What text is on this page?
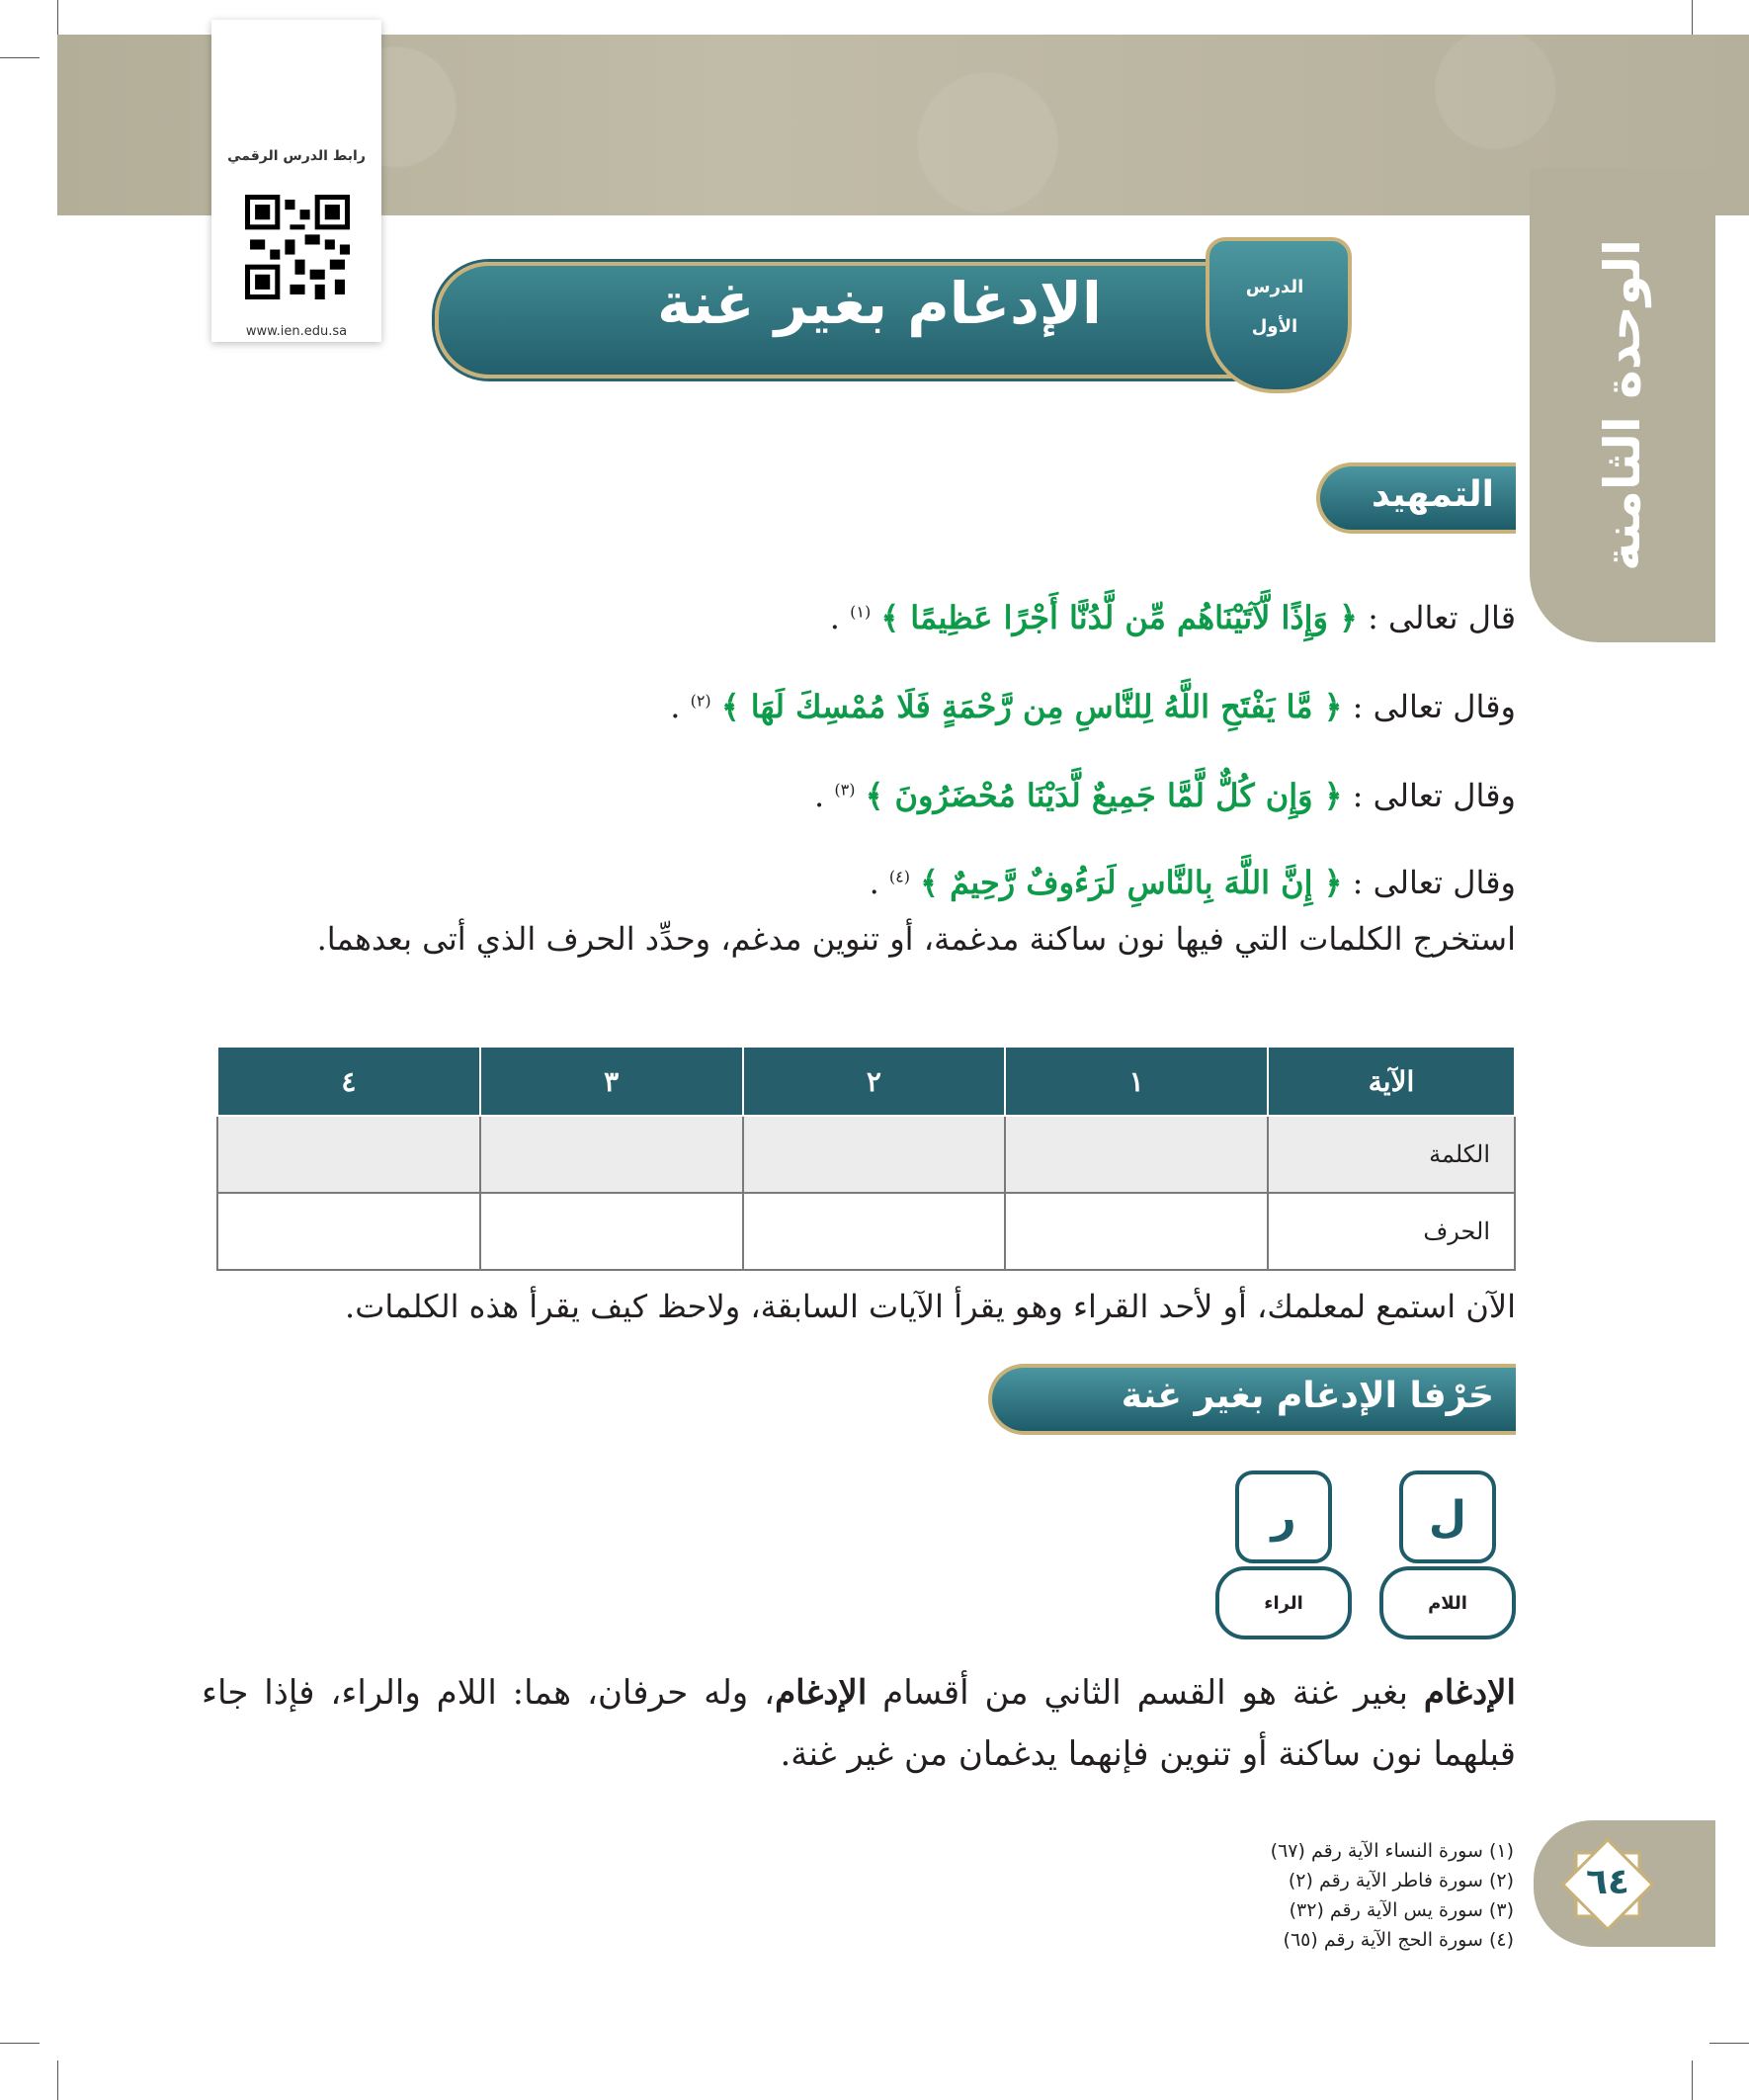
الوحدة الثامنة
رابط الدرس الرقمي
www.ien.edu.sa	الإدغام بغير غنة	الدرس
الأول
التمهيد
قال تعالى : ﴿ وَإِذًا لَّآتَيْنَاهُم مِّن لَّدُنَّا أَجْرًا عَظِيمًا ﴾ $^{(١)}$ .
وقال تعالى : ﴿ مَّا يَفْتَحِ اللَّهُ لِلنَّاسِ مِن رَّحْمَةٍ فَلَا مُمْسِكَ لَهَا ﴾ $^{(٢)}$ .
وقال تعالى : ﴿ وَإِن كُلٌّ لَّمَّا جَمِيعٌ لَّدَيْنَا مُحْضَرُونَ ﴾ $^{(٣)}$ .
وقال تعالى : ﴿ إِنَّ اللَّهَ بِالنَّاسِ لَرَءُوفٌ رَّحِيمٌ ﴾ $^{(٤)}$ .
استخرج الكلمات التي فيها نون ساكنة مدغمة، أو تنوين مدغم، وحدِّد الحرف الذي أتى بعدهما.
الآية	١	٢	٣	٤
الكلمة				
الحرف				
الآن استمع لمعلمك، أو لأحد القراء وهو يقرأ الآيات السابقة، ولاحظ كيف يقرأ هذه الكلمات.
حَرْفا الإدغام بغير غنة
ل
اللام
ر
الراء
الإدغام بغير غنة هو القسم الثاني من أقسام الإدغام، وله حرفان، هما: اللام والراء، فإذا جاء قبلهما نون ساكنة أو تنوين فإنهما يدغمان من غير غنة.
(١) سورة النساء الآية رقم (٦٧)
(٢) سورة فاطر الآية رقم (٢)
(٣) سورة يس الآية رقم (٣٢)
(٤) سورة الحج الآية رقم (٦٥)
٦٤
